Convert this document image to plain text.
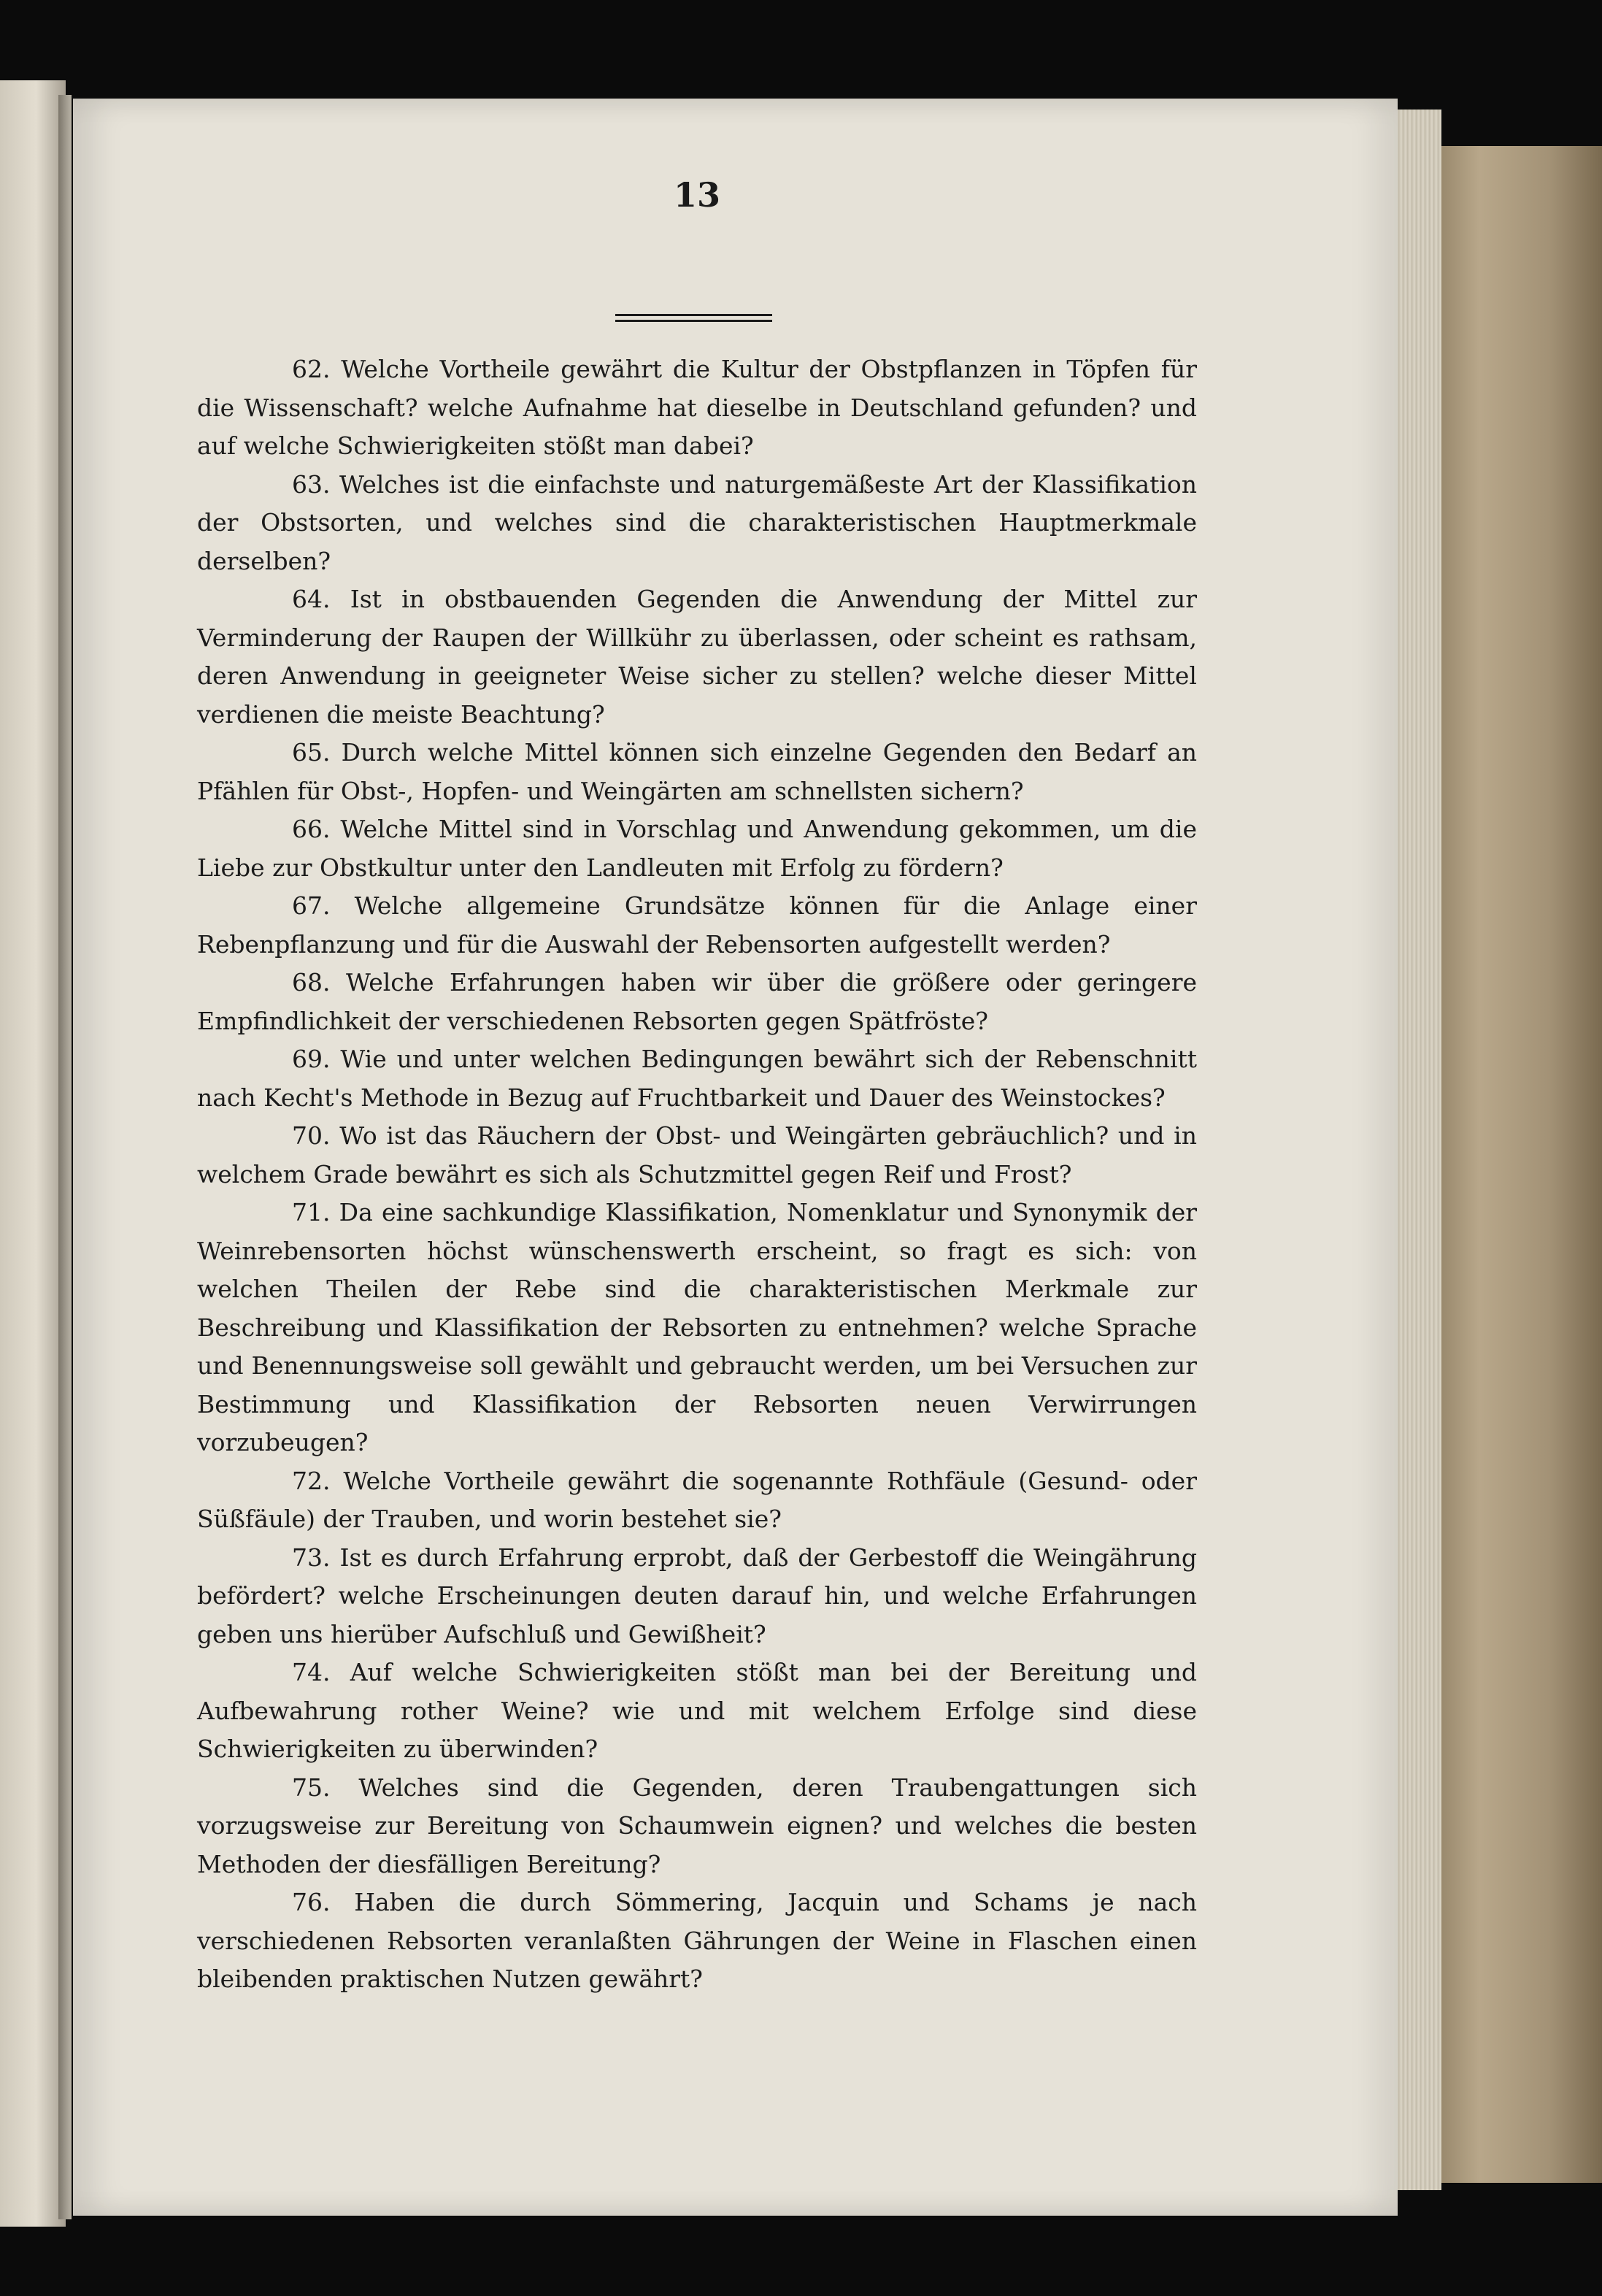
13

62. Welche Vortheile gewährt die Kultur der Obstpflanzen in Töpfen für die Wissenschaft? welche Aufnahme hat dieselbe in Deutschland gefunden? und auf welche Schwierigkeiten stößt man dabei?

63. Welches ist die einfachste und naturgemäßeste Art der Klassifikation der Obstsorten, und welches sind die charakteristischen Hauptmerkmale derselben?

64. Ist in obstbauenden Gegenden die Anwendung der Mittel zur Verminderung der Raupen der Willkühr zu überlassen, oder scheint es rathsam, deren Anwendung in geeigneter Weise sicher zu stellen? welche dieser Mittel verdienen die meiste Beachtung?

65. Durch welche Mittel können sich einzelne Gegenden den Bedarf an Pfählen für Obst-, Hopfen- und Weingärten am schnellsten sichern?

66. Welche Mittel sind in Vorschlag und Anwendung gekommen, um die Liebe zur Obstkultur unter den Landleuten mit Erfolg zu fördern?

67. Welche allgemeine Grundsätze können für die Anlage einer Rebenpflanzung und für die Auswahl der Rebensorten aufgestellt werden?

68. Welche Erfahrungen haben wir über die größere oder geringere Empfindlichkeit der verschiedenen Rebsorten gegen Spätfröste?

69. Wie und unter welchen Bedingungen bewährt sich der Rebenschnitt nach Kecht's Methode in Bezug auf Fruchtbarkeit und Dauer des Weinstockes?

70. Wo ist das Räuchern der Obst- und Weingärten gebräuchlich? und in welchem Grade bewährt es sich als Schutzmittel gegen Reif und Frost?

71. Da eine sachkundige Klassifikation, Nomenklatur und Synonymik der Weinrebensorten höchst wünschenswerth erscheint, so fragt es sich: von welchen Theilen der Rebe sind die charakteristischen Merkmale zur Beschreibung und Klassifikation der Rebsorten zu entnehmen? welche Sprache und Benennungsweise soll gewählt und gebraucht werden, um bei Versuchen zur Bestimmung und Klassifikation der Rebsorten neuen Verwirrungen vorzubeugen?

72. Welche Vortheile gewährt die sogenannte Rothfäule (Gesund- oder Süßfäule) der Trauben, und worin bestehet sie?

73. Ist es durch Erfahrung erprobt, daß der Gerbestoff die Weingährung befördert? welche Erscheinungen deuten darauf hin, und welche Erfahrungen geben uns hierüber Aufschluß und Gewißheit?

74. Auf welche Schwierigkeiten stößt man bei der Bereitung und Aufbewahrung rother Weine? wie und mit welchem Erfolge sind diese Schwierigkeiten zu überwinden?

75. Welches sind die Gegenden, deren Traubengattungen sich vorzugsweise zur Bereitung von Schaumwein eignen? und welches die besten Methoden der diesfälligen Bereitung?

76. Haben die durch Sömmering, Jacquin und Schams je nach verschiedenen Rebsorten veranlaßten Gährungen der Weine in Flaschen einen bleibenden praktischen Nutzen gewährt?
